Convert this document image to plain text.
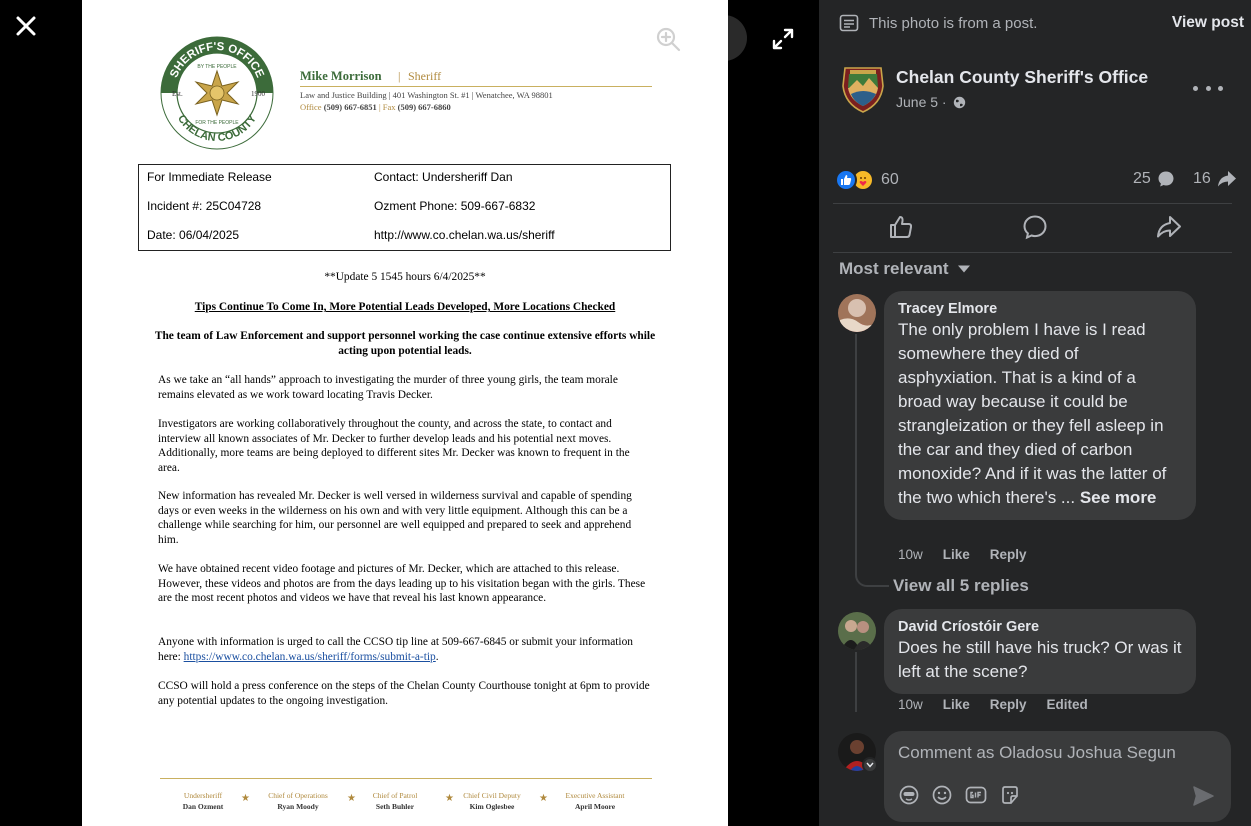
SHERIFF'S OFFICE
CHELAN COUNTY
BY THE PEOPLE
FOR THE PEOPLE
Est.	1900
Mike Morrison | Sheriff
Law and Justice Building | 401 Washington St. #1 | Wenatchee, WA 98801
Office (509) 667-6851 | Fax (509) 667-6860
For Immediate Release	Contact: Undersheriff Dan
Incident #: 25C04728	Ozment Phone: 509-667-6832
Date: 06/04/2025	http://www.co.chelan.wa.us/sheriff
**Update 5 1545 hours 6/4/2025**
Tips Continue To Come In, More Potential Leads Developed, More Locations Checked
The team of Law Enforcement and support personnel working the case continue extensive efforts while acting upon potential leads.
As we take an “all hands” approach to investigating the murder of three young girls, the team morale remains elevated as we work toward locating Travis Decker.
Investigators are working collaboratively throughout the county, and across the state, to contact and interview all known associates of Mr. Decker to further develop leads and his potential next moves. Additionally, more teams are being deployed to different sites Mr. Decker was known to frequent in the area.
New information has revealed Mr. Decker is well versed in wilderness survival and capable of spending days or even weeks in the wilderness on his own and with very little equipment. Although this can be a challenge while searching for him, our personnel are well equipped and prepared to seek and apprehend him.
We have obtained recent video footage and pictures of Mr. Decker, which are attached to this release. However, these videos and photos are from the days leading up to his visitation began with the girls. These are the most recent photos and videos we have that reveal his last known appearance.
Anyone with information is urged to call the CCSO tip line at 509-667-6845 or submit your information here: https://www.co.chelan.wa.us/sheriff/forms/submit-a-tip.
CCSO will hold a press conference on the steps of the Chelan County Courthouse tonight at 6pm to provide any potential updates to the ongoing investigation.
Undersheriff
Dan Ozment
★	Chief of Operations
Ryan Moody
★	Chief of Patrol
Seth Buhler
★	Chief Civil Deputy
Kim Oglesbee
★	Executive Assistant
April Moore
This photo is from a post.	View post
Chelan County Sheriff's Office
June 5 ·
60	25	16
Most relevant
Tracey Elmore
The only problem I have is I read somewhere they died of asphyxiation. That is a kind of a broad way because it could be strangleization or they fell asleep in the car and they died of carbon monoxide? And if it was the latter of the two which there's ... See more
10w Like Reply
View all 5 replies
David Críostóir Gere
Does he still have his truck? Or was it left at the scene?
10w Like Reply Edited
Comment as Oladosu Joshua Segun
